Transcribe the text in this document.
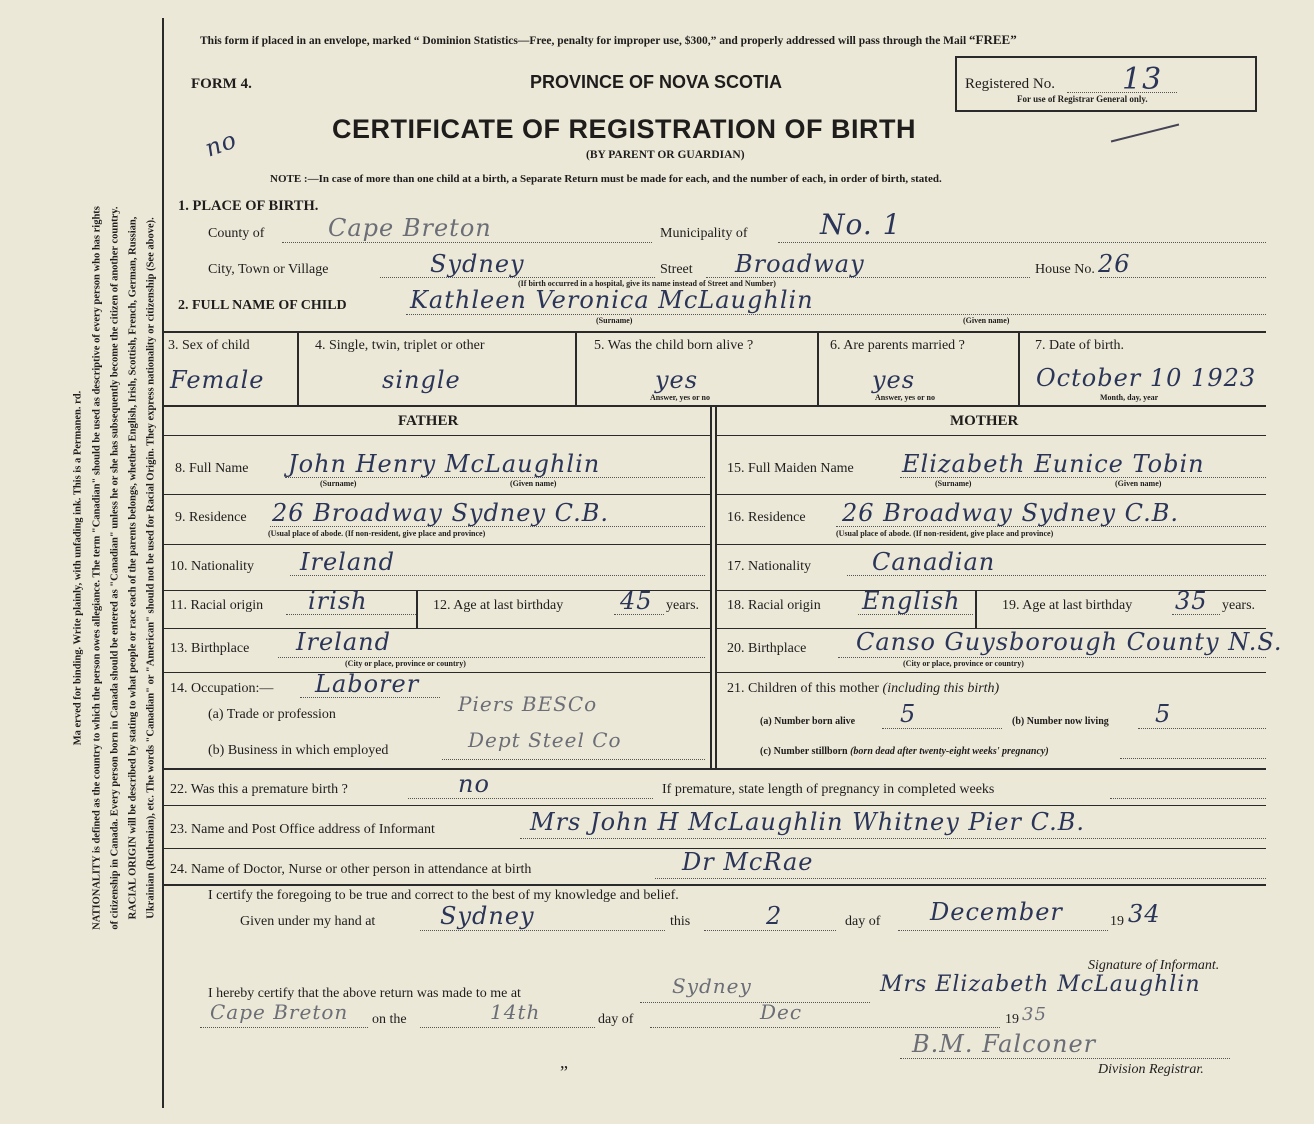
Ma erved for binding. Write plainly, with unfading ink. This is a Permanen. rd. NATIONALITY is defined as the country to which the person owes allegiance. The term "Canadian" should be used as descriptive of every person who has rights of citizenship in Canada. Every person born in Canada should be entered as "Canadian" unless he or she has subsequently become the citizen of another country. RACIAL ORIGIN will be described by stating to what people or race each of the parents belongs, whether English, Irish, Scottish, French, German, Russian, Ukrainian (Ruthenian), etc. The words "Canadian" or "American" should not be used for Racial Origin. They express nationality or citizenship (See above).
This form if placed in an envelope, marked “ Dominion Statistics—Free, penalty for improper use, $300,” and properly addressed will pass through the Mail “FREE”
FORM 4.	PROVINCE OF NOVA SCOTIA	Registered No. 13
For use of Registrar General only.
no	CERTIFICATE OF REGISTRATION OF BIRTH
(BY PARENT OR GUARDIAN)
NOTE :—In case of more than one child at a birth, a Separate Return must be made for each, and the number of each, in order of birth, stated.
1. PLACE OF BIRTH.
County of	Cape Breton	Municipality of	No. 1
City, Town or Village	Sydney	Street Broadway
(If birth occurred in a hospital, give its name instead of Street and Number)
House No. 26
2. FULL NAME OF CHILD	Kathleen Veronica McLaughlin
(Surname)	(Given name)
3. Sex of child
Female
4. Single, twin, triplet or other
single
5. Was the child born alive ?
yes
Answer, yes or no
6. Are parents married ?
yes
Answer, yes or no
7. Date of birth.
October 10 1923
Month, day, year
FATHER	MOTHER
8. Full Name John Henry McLaughlin
(Surname)	(Given name)
9. Residence 26 Broadway Sydney C.B.
(Usual place of abode. (If non-resident, give place and province)
10. Nationality Ireland
11. Racial origin irish	12. Age at last birthday 45 years.
13. Birthplace Ireland
(City or place, province or country)
14. Occupation:— Laborer
(a) Trade or profession	Piers BESCo
(b) Business in which employed	Dept Steel Co
15. Full Maiden Name Elizabeth Eunice Tobin
(Surname)	(Given name)
16. Residence 26 Broadway Sydney C.B.
(Usual place of abode. (If non-resident, give place and province)
17. Nationality	Canadian
18. Racial origin English	19. Age at last birthday 35 years.
20. Birthplace Canso Guysborough County N.S.
(City or place, province or country)
21. Children of this mother (including this birth)
(a) Number born alive 5	(b) Number now living 5
(c) Number stillborn (born dead after twenty-eight weeks' pregnancy)
22. Was this a premature birth ?	no	If premature, state length of pregnancy in completed weeks
23. Name and Post Office address of Informant	Mrs John H McLaughlin Whitney Pier C.B.
24. Name of Doctor, Nurse or other person in attendance at birth	Dr McRae
I certify the foregoing to be true and correct to the best of my knowledge and belief.
Given under my hand at	Sydney	this	2	day of December	19 34
Signature of Informant.
I hereby certify that the above return was made to me at	Sydney	Mrs Elizabeth McLaughlin
Cape Breton on the	14th	day of	Dec	19 35
”
B.M. Falconer
Division Registrar.
